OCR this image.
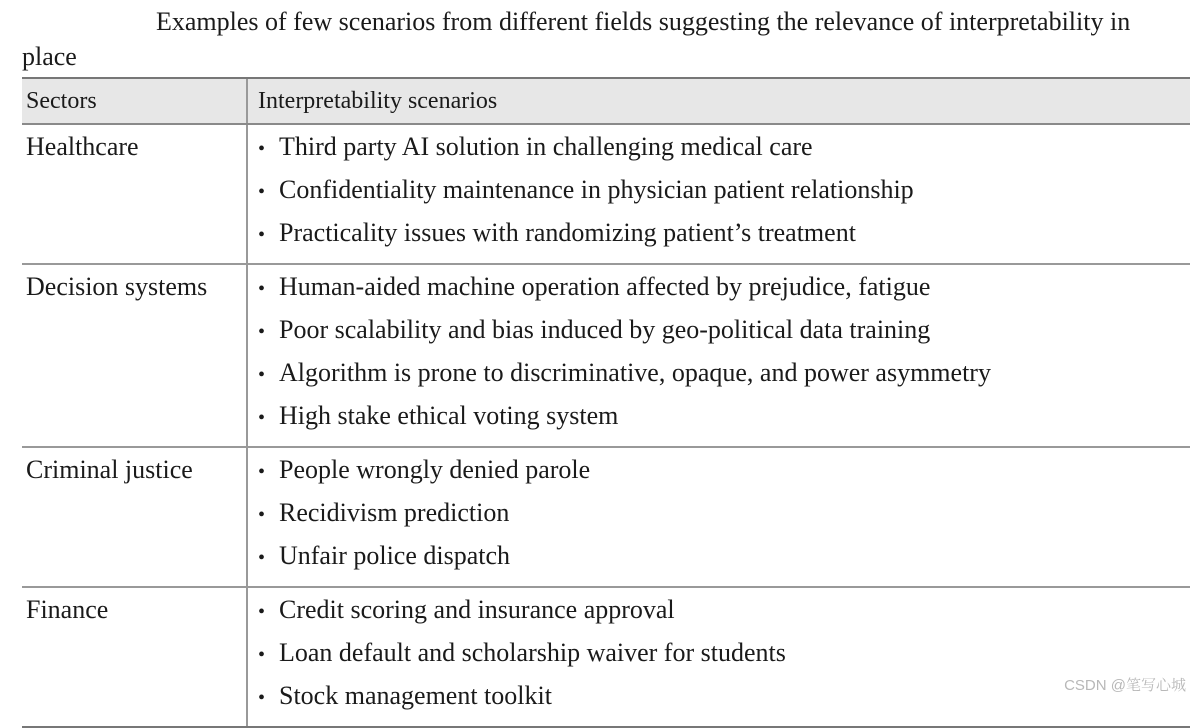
Examples of few scenarios from different fields suggesting the relevance of interpretability in place

Sectors	Interpretability scenarios
Healthcare	• Third party AI solution in challenging medical care
• Confidentiality maintenance in physician patient relationship
• Practicality issues with randomizing patient’s treatment
Decision systems	• Human-aided machine operation affected by prejudice, fatigue
• Poor scalability and bias induced by geo-political data training
• Algorithm is prone to discriminative, opaque, and power asymmetry
• High stake ethical voting system
Criminal justice	• People wrongly denied parole
• Recidivism prediction
• Unfair police dispatch
Finance	• Credit scoring and insurance approval
• Loan default and scholarship waiver for students
• Stock management toolkit	CSDN @笔写心城
